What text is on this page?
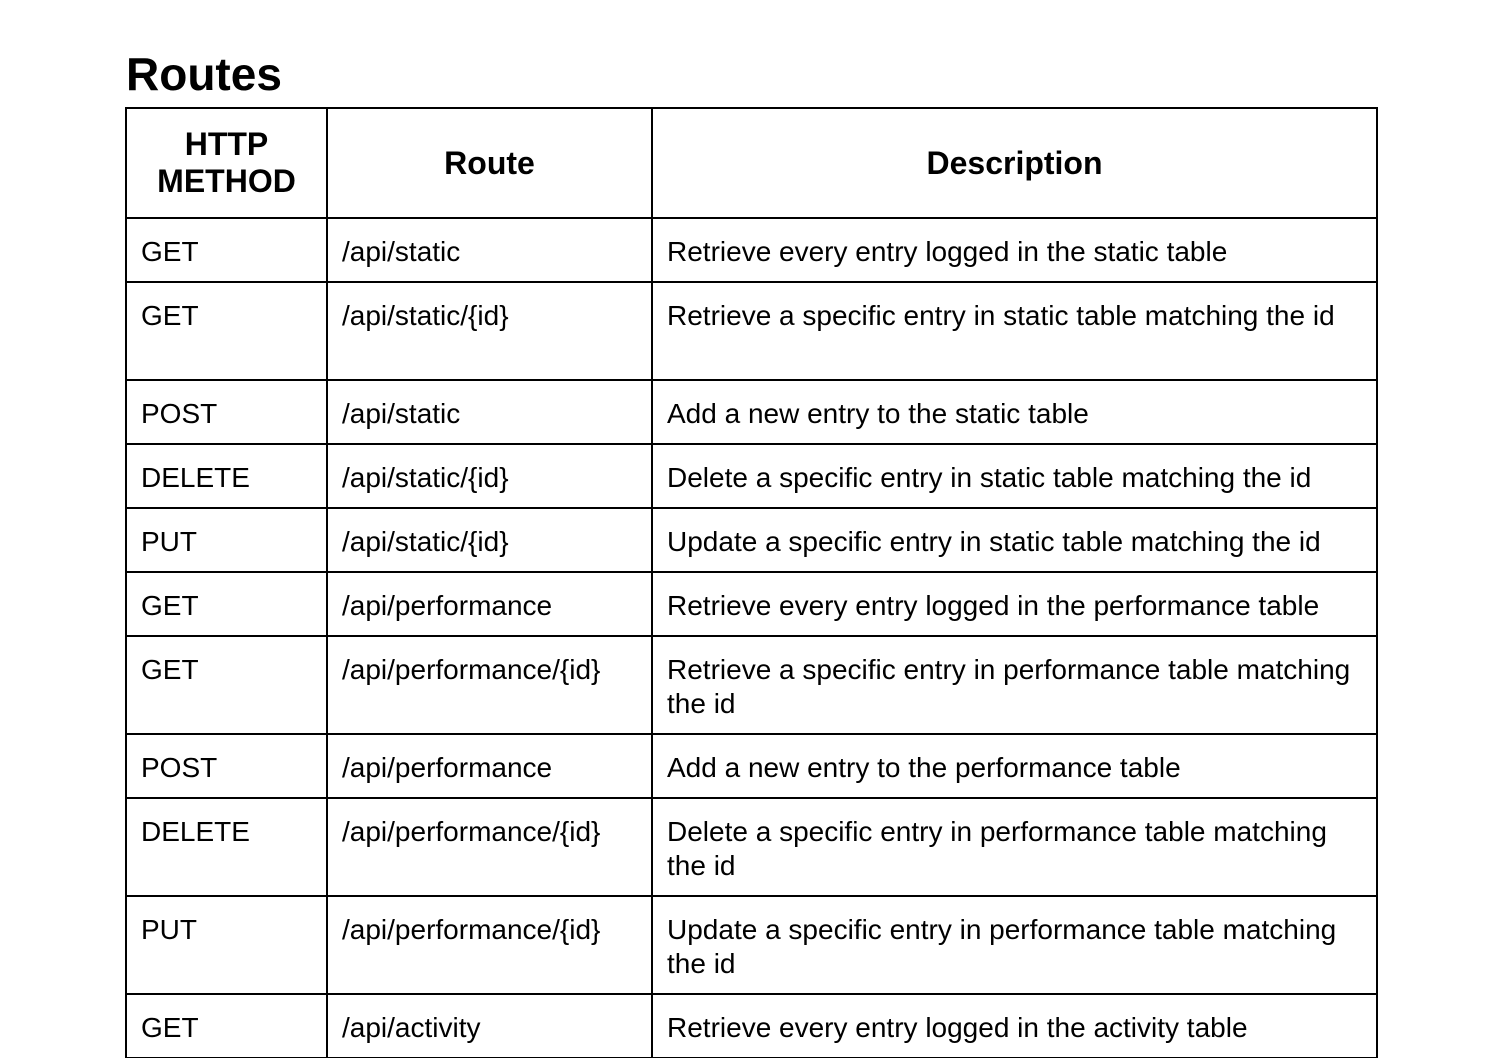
Routes
HTTP
METHOD	Route	Description
GET	/api/static	Retrieve every entry logged in the static table
GET	/api/static/{id}	Retrieve a specific entry in static table matching the id
POST	/api/static	Add a new entry to the static table
DELETE	/api/static/{id}	Delete a specific entry in static table matching the id
PUT	/api/static/{id}	Update a specific entry in static table matching the id
GET	/api/performance	Retrieve every entry logged in the performance table
GET	/api/performance/{id}	Retrieve a specific entry in performance table matching the id
POST	/api/performance	Add a new entry to the performance table
DELETE	/api/performance/{id}	Delete a specific entry in performance table matching the id
PUT	/api/performance/{id}	Update a specific entry in performance table matching the id
GET	/api/activity	Retrieve every entry logged in the activity table
